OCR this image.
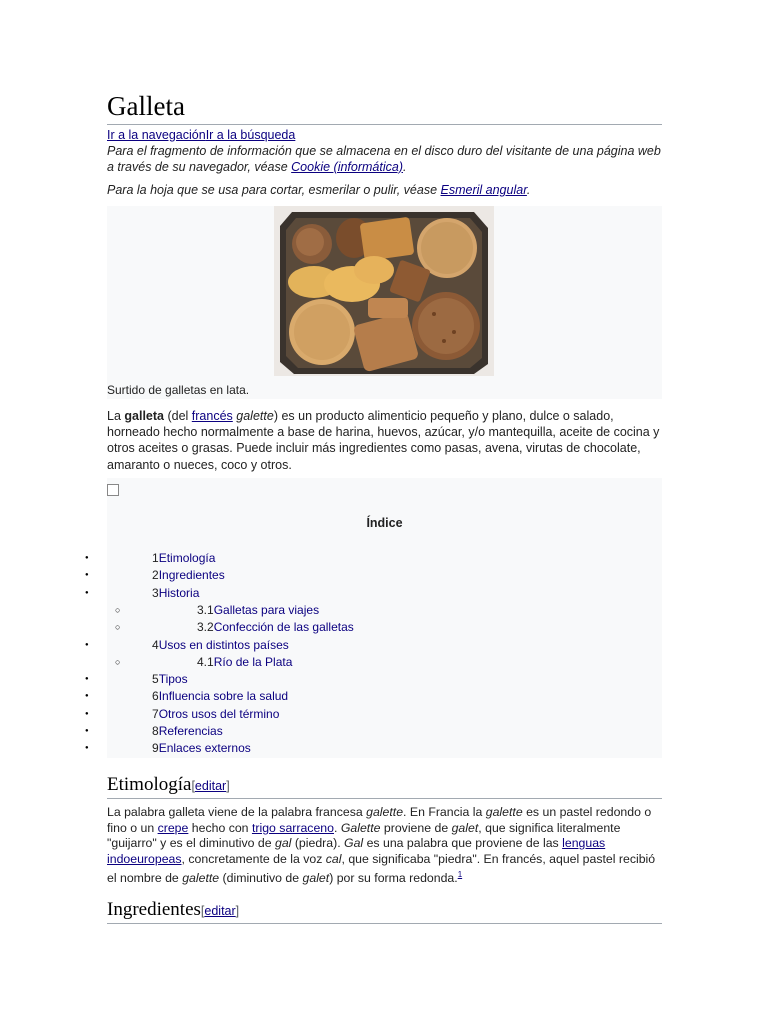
Galleta
Ir a la navegaciónIr a la búsqueda
Para el fragmento de información que se almacena en el disco duro del visitante de una página web a través de su navegador, véase Cookie (informática).
Para la hoja que se usa para cortar, esmerilar o pulir, véase Esmeril angular.
Surtido de galletas en lata.
La galleta (del francés galette) es un producto alimenticio pequeño y plano, dulce o salado, horneado hecho normalmente a base de harina, huevos, azúcar, y/o mantequilla, aceite de cocina y otros aceites o grasas. Puede incluir más ingredientes como pasas, avena, virutas de chocolate, amaranto o nueces, coco y otros.
Índice
●	1Etimología
●	2Ingredientes
●	3Historia
○	3.1Galletas para viajes
○	3.2Confección de las galletas
●	4Usos en distintos países
○	4.1Río de la Plata
●	5Tipos
●	6Influencia sobre la salud
●	7Otros usos del término
●	8Referencias
●	9Enlaces externos
Etimología[editar]
La palabra galleta viene de la palabra francesa galette. En Francia la galette es un pastel redondo o fino o un crepe hecho con trigo sarraceno. Galette proviene de galet, que significa literalmente "guijarro" y es el diminutivo de gal (piedra). Gal es una palabra que proviene de las lenguas indoeuropeas, concretamente de la voz cal, que significaba "piedra". En francés, aquel pastel recibió el nombre de galette (diminutivo de galet) por su forma redonda.$^1$
Ingredientes[editar]
